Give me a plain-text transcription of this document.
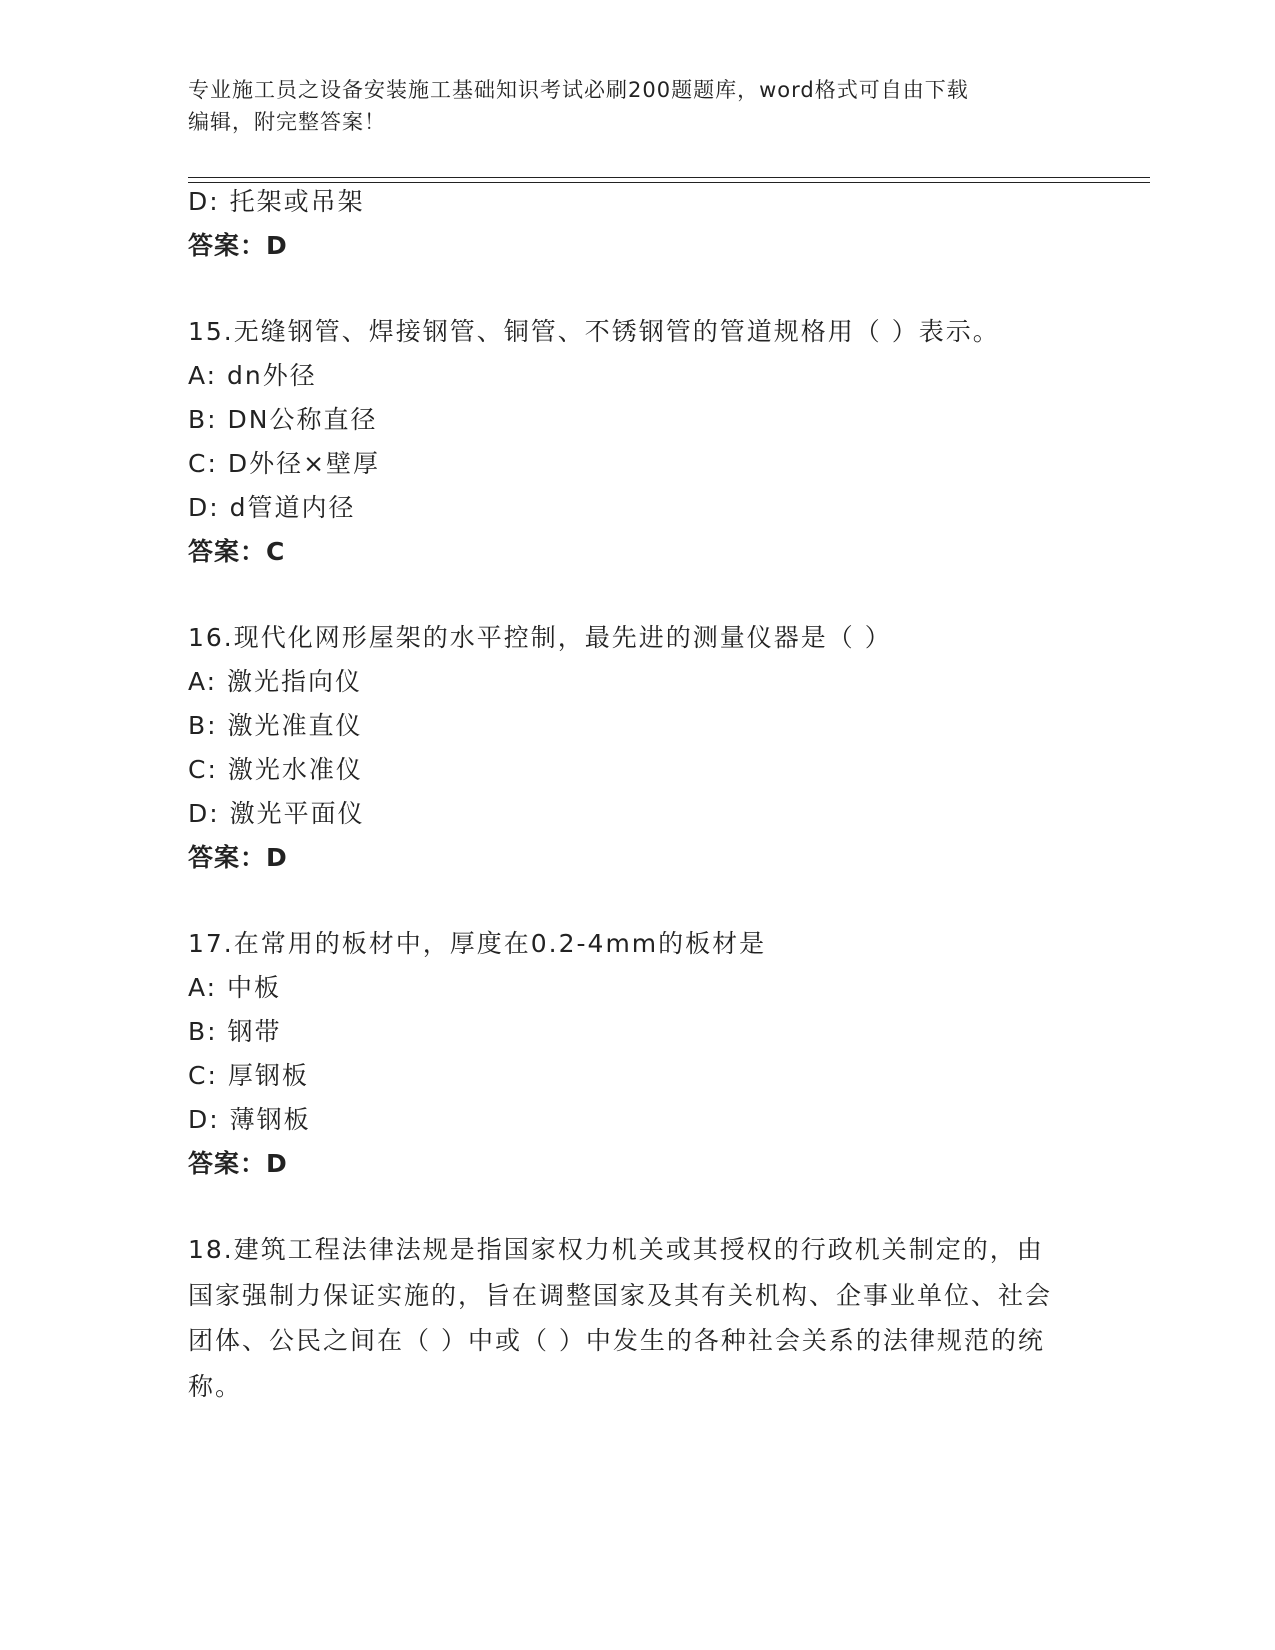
专业施工员之设备安装施工基础知识考试必刷200题题库，word格式可自由下载
编辑，附完整答案！
D: 托架或吊架
答案：D
15.无缝钢管、焊接钢管、铜管、不锈钢管的管道规格用（ ）表示。
A: dn外径
B: DN公称直径
C: D外径×壁厚
D: d管道内径
答案：C
16.现代化网形屋架的水平控制，最先进的测量仪器是（ ）
A: 激光指向仪
B: 激光准直仪
C: 激光水准仪
D: 激光平面仪
答案：D
17.在常用的板材中，厚度在0.2-4mm的板材是
A: 中板
B: 钢带
C: 厚钢板
D: 薄钢板
答案：D
18.建筑工程法律法规是指国家权力机关或其授权的行政机关制定的，由国家强制力保证实施的，旨在调整国家及其有关机构、企事业单位、社会团体、公民之间在（ ）中或（ ）中发生的各种社会关系的法律规范的统称。
